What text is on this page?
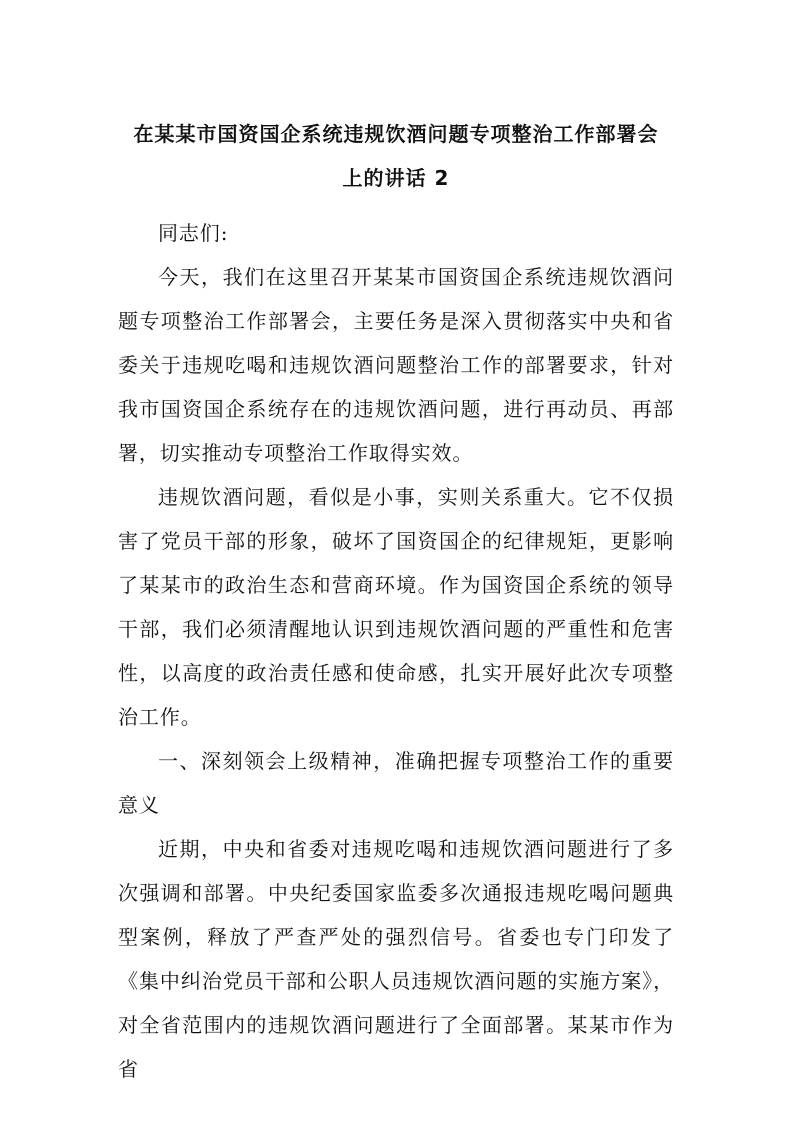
在某某市国资国企系统违规饮酒问题专项整治工作部署会
上的讲话 2

同志们:

今天，我们在这里召开某某市国资国企系统违规饮酒问题专项整治工作部署会，主要任务是深入贯彻落实中央和省委关于违规吃喝和违规饮酒问题整治工作的部署要求，针对我市国资国企系统存在的违规饮酒问题，进行再动员、再部署，切实推动专项整治工作取得实效。

违规饮酒问题，看似是小事，实则关系重大。它不仅损害了党员干部的形象，破坏了国资国企的纪律规矩，更影响了某某市的政治生态和营商环境。作为国资国企系统的领导干部，我们必须清醒地认识到违规饮酒问题的严重性和危害性，以高度的政治责任感和使命感，扎实开展好此次专项整治工作。

一、深刻领会上级精神，准确把握专项整治工作的重要意义

近期，中央和省委对违规吃喝和违规饮酒问题进行了多次强调和部署。中央纪委国家监委多次通报违规吃喝问题典型案例，释放了严查严处的强烈信号。省委也专门印发了《集中纠治党员干部和公职人员违规饮酒问题的实施方案》，对全省范围内的违规饮酒问题进行了全面部署。某某市作为省
